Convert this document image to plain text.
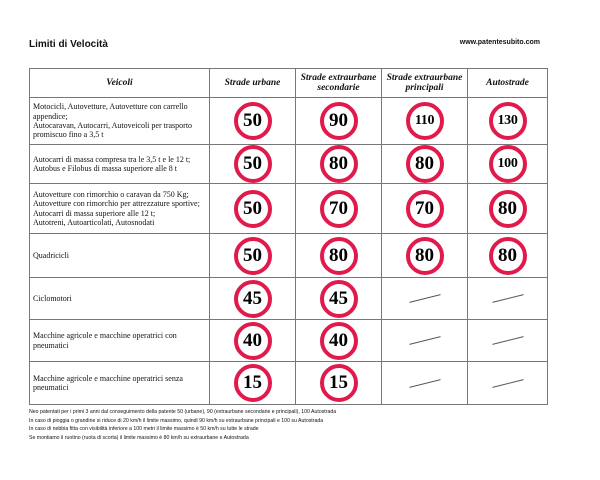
Limiti di Velocità	www.patentesubito.com
Veicoli	Strade urbane	Strade extraurbane secondarie	Strade extraurbane principali	Autostrade

Motocicli, Autovetture, Autovetture con carrello appendice;
Autocaravan, Autocarri, Autoveicoli per trasporto promiscuo fino a 3,5 t	50	90	110	130

Autocarri di massa compresa tra le 3,5 t e le 12 t;
Autobus e Filobus di massa superiore alle 8 t	50	80	80	100

Autovetture con rimorchio o caravan da 750 Kg;
Autovetture con rimorchio per attrezzature sportive;
Autocarri di massa superiore alle 12 t;
Autotreni, Autoarticolati, Autosnodati	50	70	70	80

Quadricicli	50	80	80	80

Ciclomotori	45	45		

Macchine agricole e macchine operatrici con pneumatici	40	40		

Macchine agricole e macchine operatrici senza pneumatici	15	15		
Neo patentati per i primi 3 anni dal conseguimento della patente 50 (urbane), 90 (extraurbane secondarie e principali), 100 Autostrada
In caso di pioggia o grandine si riduce di 20 km/h il limite massimo, quindi 90 km/h su extraurbane principali e 100 su Autostrada
In caso di nebbia fitta con visibilità inferiore a 100 metri il limite massimo è 50 km/h su tutte le strade
Se montiamo il ruotino (ruota di scorta) il limite massimo è 80 km/h su extraurbane e Autostrada
